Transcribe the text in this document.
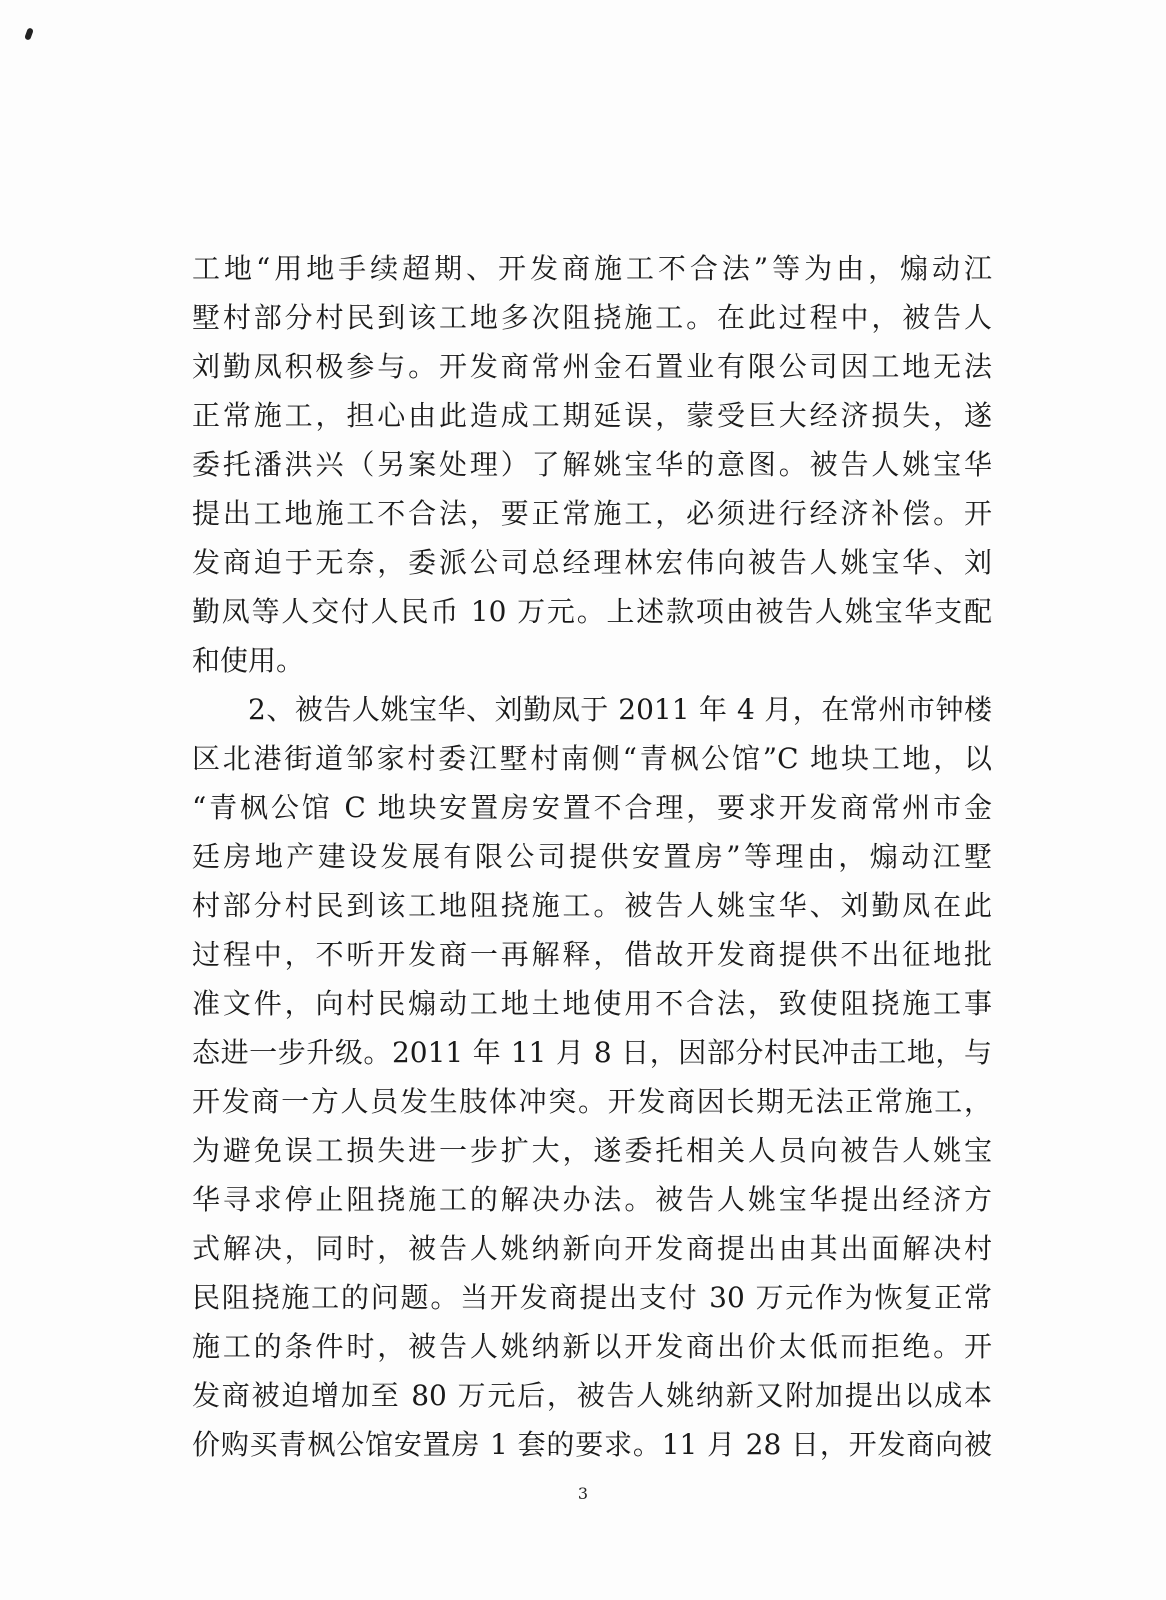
工地“用地手续超期、开发商施工不合法”等为由，煽动江
墅村部分村民到该工地多次阻挠施工。在此过程中，被告人
刘勤凤积极参与。开发商常州金石置业有限公司因工地无法
正常施工，担心由此造成工期延误，蒙受巨大经济损失，遂
委托潘洪兴（另案处理）了解姚宝华的意图。被告人姚宝华
提出工地施工不合法，要正常施工，必须进行经济补偿。开
发商迫于无奈，委派公司总经理林宏伟向被告人姚宝华、刘
勤凤等人交付人民币 10 万元。上述款项由被告人姚宝华支配
和使用。
2、被告人姚宝华、刘勤凤于 2011 年 4 月，在常州市钟楼
区北港街道邹家村委江墅村南侧“青枫公馆”C 地块工地，以
“青枫公馆 C 地块安置房安置不合理，要求开发商常州市金
廷房地产建设发展有限公司提供安置房”等理由，煽动江墅
村部分村民到该工地阻挠施工。被告人姚宝华、刘勤凤在此
过程中，不听开发商一再解释，借故开发商提供不出征地批
准文件，向村民煽动工地土地使用不合法，致使阻挠施工事
态进一步升级。2011 年 11 月 8 日，因部分村民冲击工地，与
开发商一方人员发生肢体冲突。开发商因长期无法正常施工，
为避免误工损失进一步扩大，遂委托相关人员向被告人姚宝
华寻求停止阻挠施工的解决办法。被告人姚宝华提出经济方
式解决，同时，被告人姚纳新向开发商提出由其出面解决村
民阻挠施工的问题。当开发商提出支付 30 万元作为恢复正常
施工的条件时，被告人姚纳新以开发商出价太低而拒绝。开
发商被迫增加至 80 万元后，被告人姚纳新又附加提出以成本
价购买青枫公馆安置房 1 套的要求。11 月 28 日，开发商向被
3
